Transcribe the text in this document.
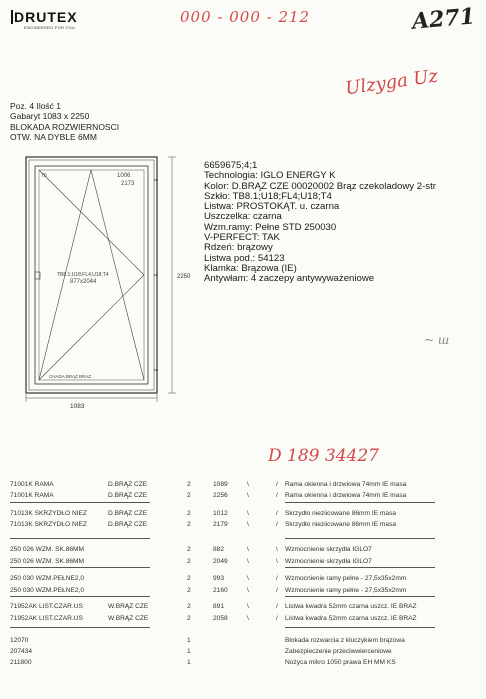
DRUTEX
ENGINEERED FOR YOU
000 - 000 - 212	A271
Ulzyga Uz
Poz. 4 Ilość 1
Gabaryt 1083 x 2250
BLOKADA ROZWIERNOSCI
OTW. NA DYBLE 6MM
70	1006
2173
TB8.1;U18;FL4;U18;T4
877x2044
CHADA BRĄZ BRAZ
2250
1083
6659675;4;1
Technologia: IGLO ENERGY K
Kolor: D.BRĄZ CZE 00020002 Brąz czekoladowy 2-str
Szkło: TB8.1;U18;FL4;U18;T4
Listwa: PROSTOKĄT. u. czarna
Uszczelka: czarna
Wzm.ramy: Pełne STD 250030
V-PERFECT: TAK
Rdzeń: brązowy
Listwa pod.: 54123
Klamka: Brązowa (IE)
Antywłam: 4 zaczepy antywyważeniowe
~ ш
D 189 34427
71001K RAMA	D.BRĄZ CZE	2	1089	\	/ Rama okienna i drzwiowa 74mm IE masa
71001K RAMA	D.BRĄZ CZE	2	2256	\	/ Rama okienna i drzwiowa 74mm IE masa
71013K SKRZYDŁO NIEZ	D.BRĄZ CZE	2	1012	\	/ Skrzydło nieziicowane 86mm IE masa
71013K SKRZYDŁO NIEZ	D.BRĄZ CZE	2	2179	\	/ Skrzydło nieziicowane 86mm IE masa
250 026 WZM. SK.86MM	2	882	\	\ Wzmocnienie skrzydła IGLO7
250 026 WZM. SK.86MM	2	2049	\	\ Wzmocnienie skrzydła IGLO7
250 030 WZM.PEŁNE2,0	2	993	\	/ Wzmocnienie ramy pełne - 27,5x35x2mm
250 030 WZM.PEŁNE2,0	2	2160	\	/ Wzmocnienie ramy pełne - 27,5x35x2mm
71952AK LIST.CZAR.US	W.BRĄZ CZE	2	891	\	/ Listwa kwadra 52mm czarna uszcz. IE BRAZ
71952AK LIST.CZAR.US	W.BRĄZ CZE	2	2058	\	/ Listwa kwadra 52mm czarna uszcz. IE BRAZ
12070	1	Blokada rozwarcia z kluczykiem brązowa
207434	1	Zabezpieczenie przeciwwierceniowe
211800	1	Nożyca mikro 1050 prawa EH MM KS
